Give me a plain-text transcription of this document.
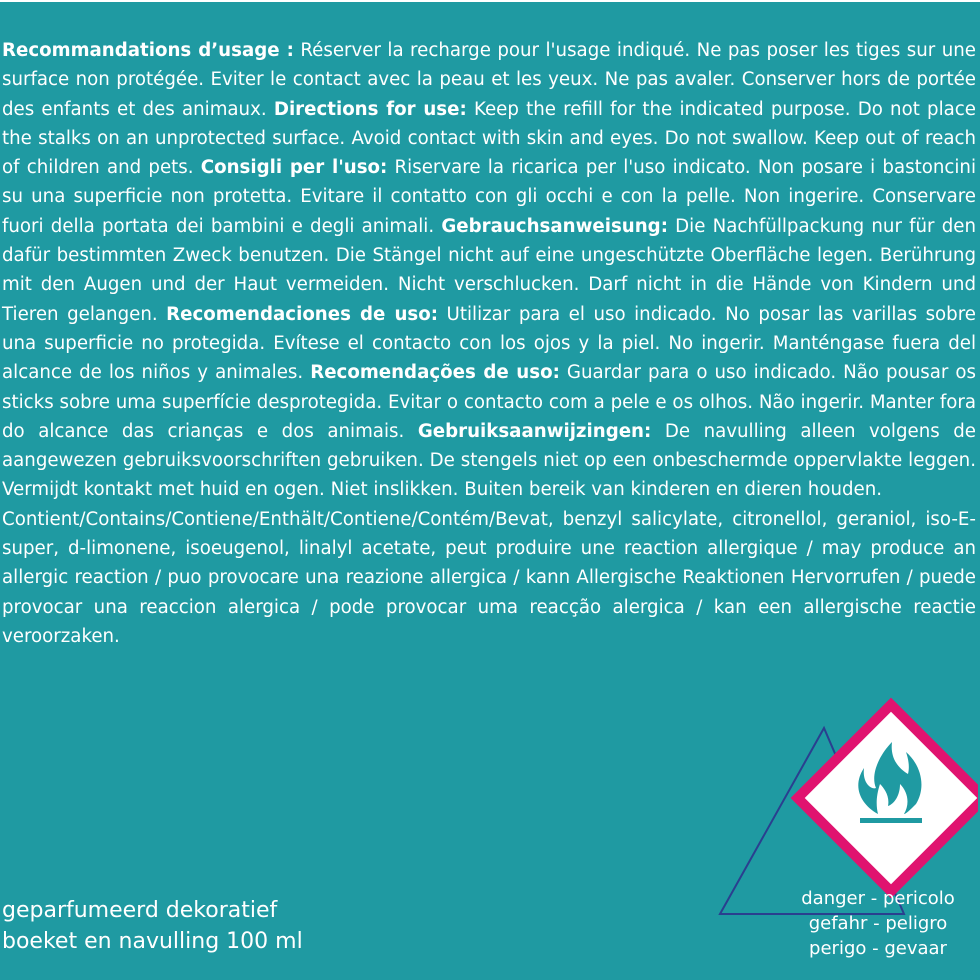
Recommandations d’usage : Réserver la recharge pour l'usage indiqué. Ne pas poser les tiges sur une surface non protégée. Eviter le contact avec la peau et les yeux. Ne pas avaler. Conserver hors de portée des enfants et des animaux. Directions for use: Keep the refill for the indicated purpose. Do not place the stalks on an unprotected surface. Avoid contact with skin and eyes. Do not swallow. Keep out of reach of children and pets. Consigli per l'uso: Riservare la ricarica per l'uso indicato. Non posare i bastoncini su una superficie non protetta. Evitare il contatto con gli occhi e con la pelle. Non ingerire. Conservare fuori della portata dei bambini e degli animali. Gebrauchsanweisung: Die Nachfüllpackung nur für den dafür bestimmten Zweck benutzen. Die Stängel nicht auf eine ungeschützte Oberfläche legen. Berührung mit den Augen und der Haut vermeiden. Nicht verschlucken. Darf nicht in die Hände von Kindern und Tieren gelangen. Recomendaciones de uso: Utilizar para el uso indicado. No posar las varillas sobre una superficie no protegida. Evítese el contacto con los ojos y la piel. No ingerir. Manténgase fuera del alcance de los niños y animales. Recomendações de uso: Guardar para o uso indicado. Não pousar os sticks sobre uma superfície desprotegida. Evitar o contacto com a pele e os olhos. Não ingerir. Manter fora do alcance das crianças e dos animais. Gebruiksaanwijzingen: De navulling alleen volgens de aangewezen gebruiksvoorschriften gebruiken. De stengels niet op een onbeschermde oppervlakte leggen. Vermijdt kontakt met huid en ogen. Niet inslikken. Buiten bereik van kinderen en dieren houden.
Contient/Contains/Contiene/Enthält/Contiene/Contém/Bevat, benzyl salicylate, citronellol, geraniol, iso-E-super, d-limonene, isoeugenol, linalyl acetate, peut produire une reaction allergique / may produce an allergic reaction / puo provocare una reazione allergica / kann Allergische Reaktionen Hervorrufen / puede provocar una reaccion alergica / pode provocar uma reacção alergica / kan een allergische reactie veroorzaken.
geparfumeerd dekoratief
boeket en navulling 100 ml
danger - pericolo
gefahr - peligro
perigo - gevaar
